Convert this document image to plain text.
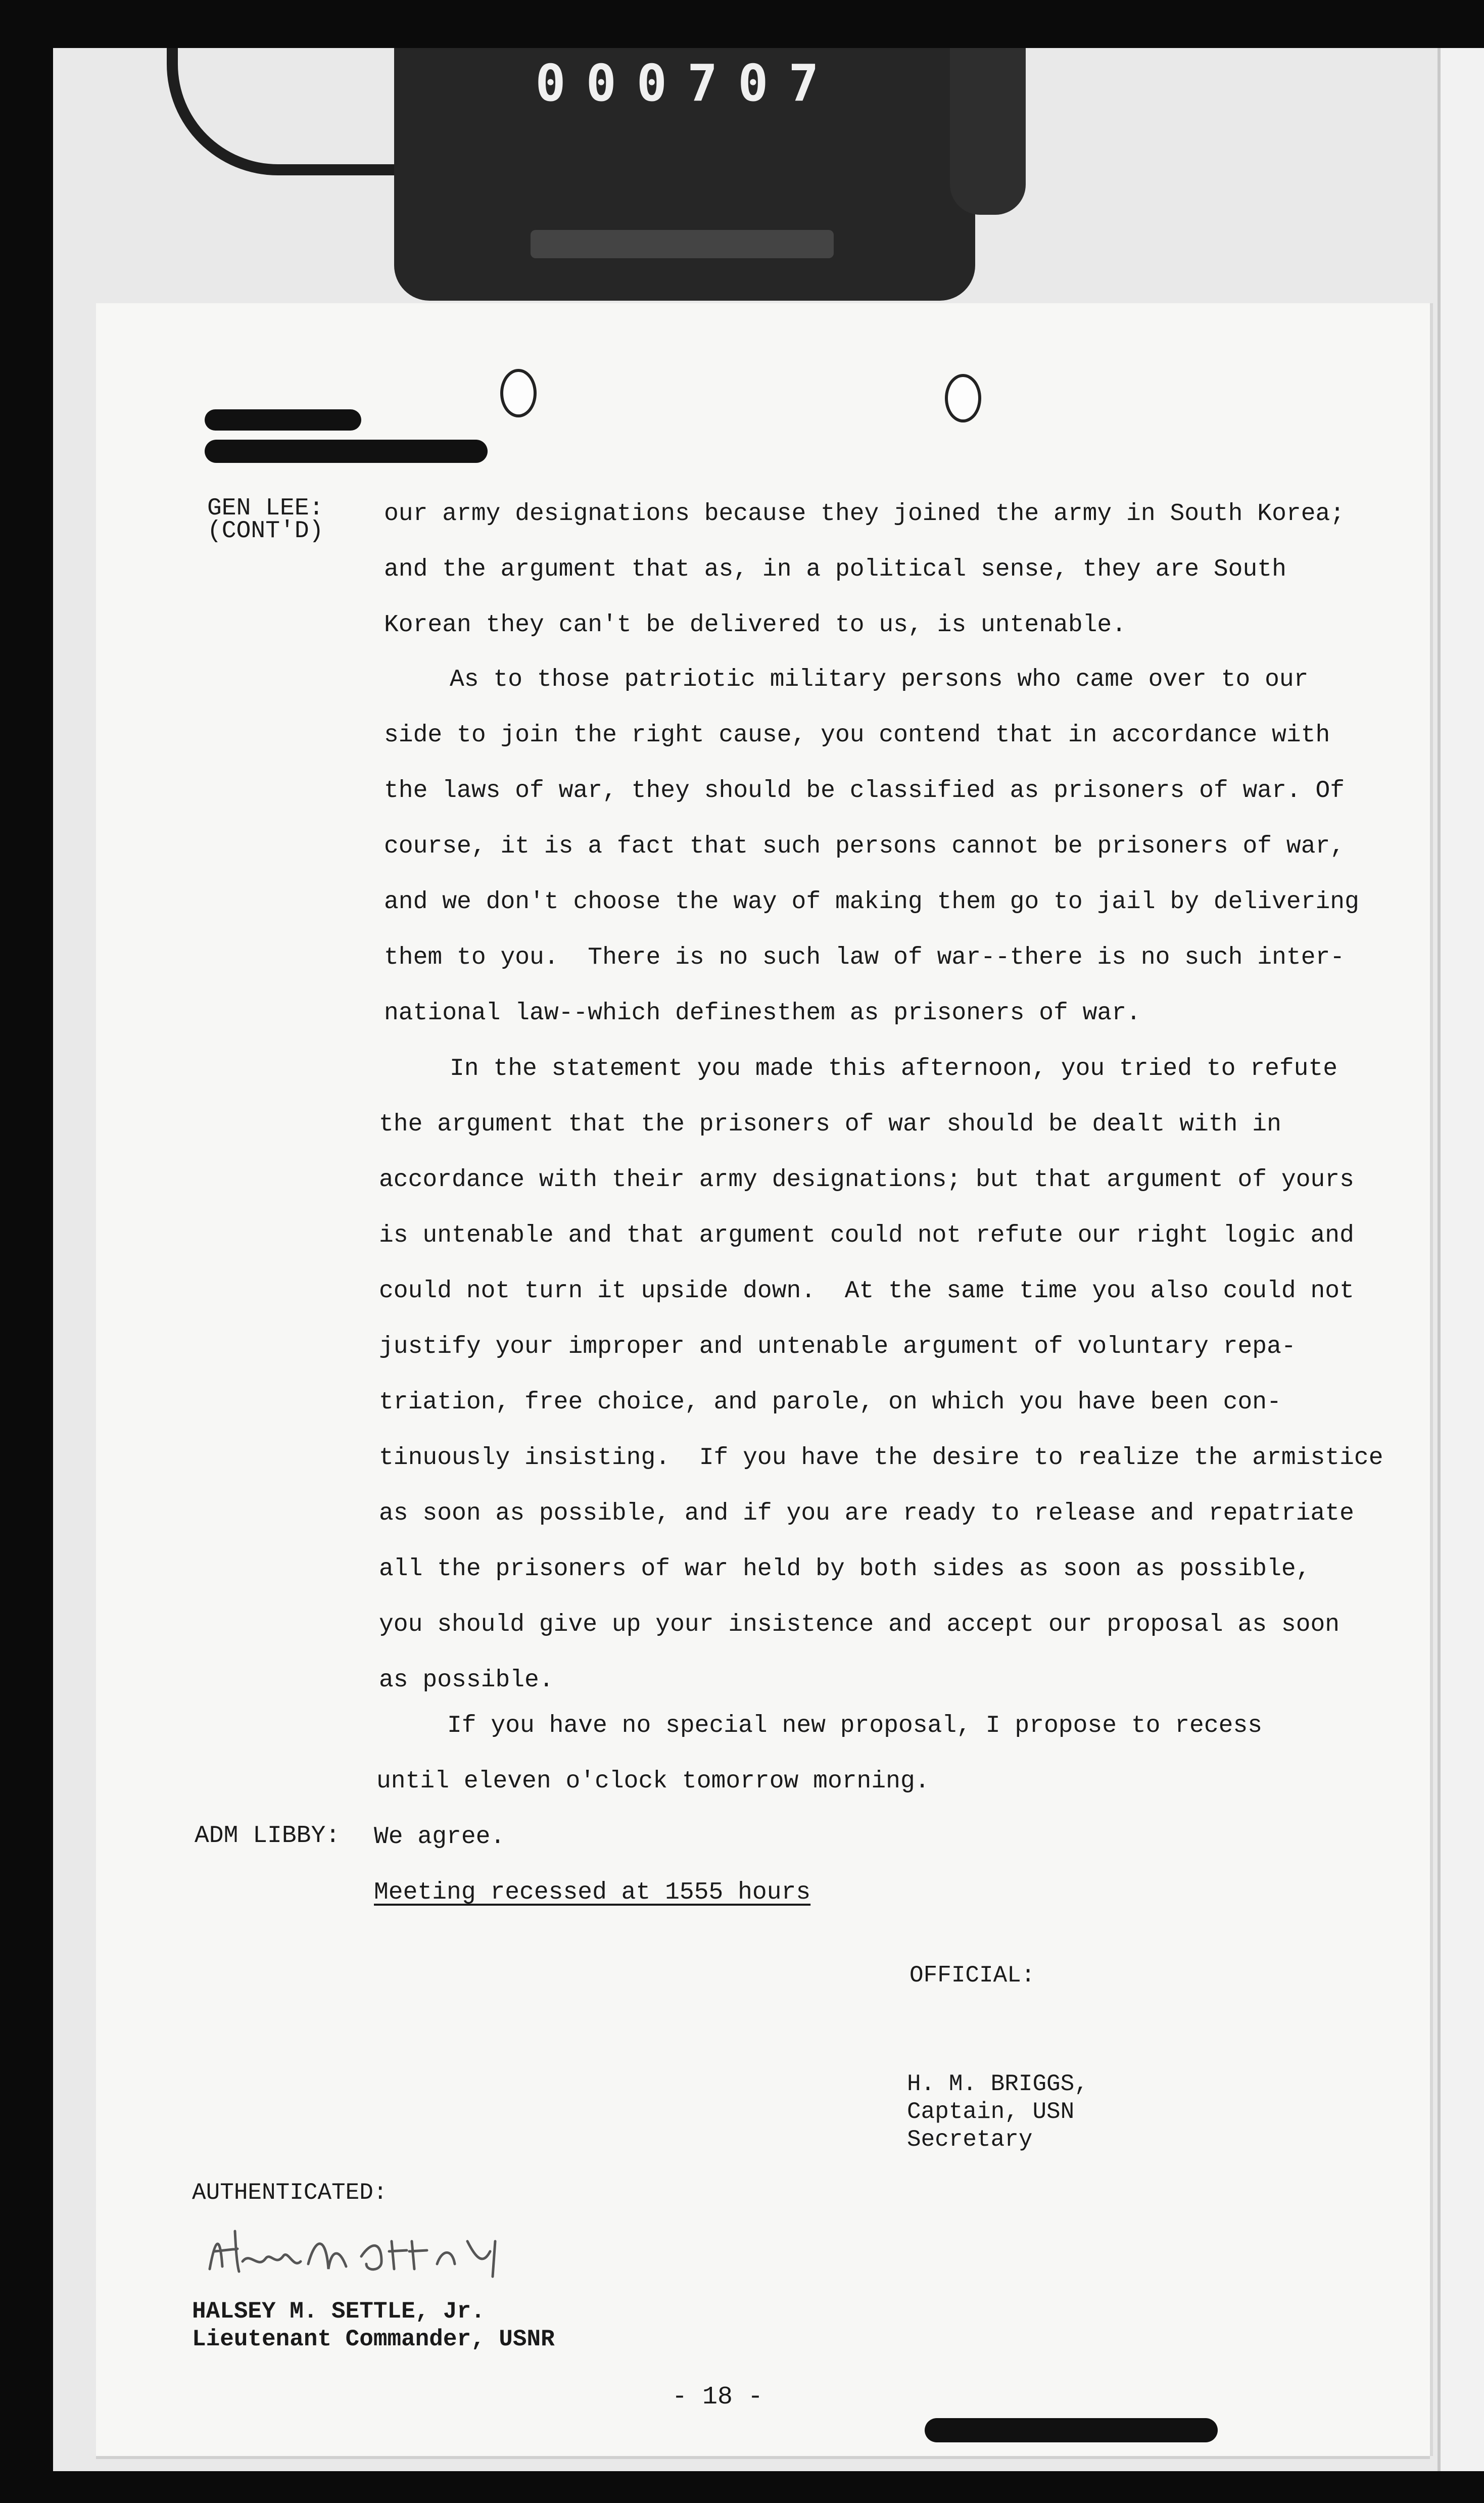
000707
GEN LEE:
(CONT'D)
our army designations because they joined the army in South Korea;
and the argument that as, in a political sense, they are South
Korean they can't be delivered to us, is untenable.
As to those patriotic military persons who came over to our
side to join the right cause, you contend that in accordance with
the laws of war, they should be classified as prisoners of war. Of
course, it is a fact that such persons cannot be prisoners of war,
and we don't choose the way of making them go to jail by delivering
them to you.  There is no such law of war--there is no such inter-
national law--which definesthem as prisoners of war.
In the statement you made this afternoon, you tried to refute
the argument that the prisoners of war should be dealt with in
accordance with their army designations; but that argument of yours
is untenable and that argument could not refute our right logic and
could not turn it upside down.  At the same time you also could not
justify your improper and untenable argument of voluntary repa-
triation, free choice, and parole, on which you have been con-
tinuously insisting.  If you have the desire to realize the armistice
as soon as possible, and if you are ready to release and repatriate
all the prisoners of war held by both sides as soon as possible,
you should give up your insistence and accept our proposal as soon
as possible.
If you have no special new proposal, I propose to recess
until eleven o'clock tomorrow morning.
ADM LIBBY: We agree.
Meeting recessed at 1555 hours
OFFICIAL:
H. M. BRIGGS,
Captain, USN
Secretary
AUTHENTICATED:
HALSEY M. SETTLE, Jr.
Lieutenant Commander, USNR
- 18 -
